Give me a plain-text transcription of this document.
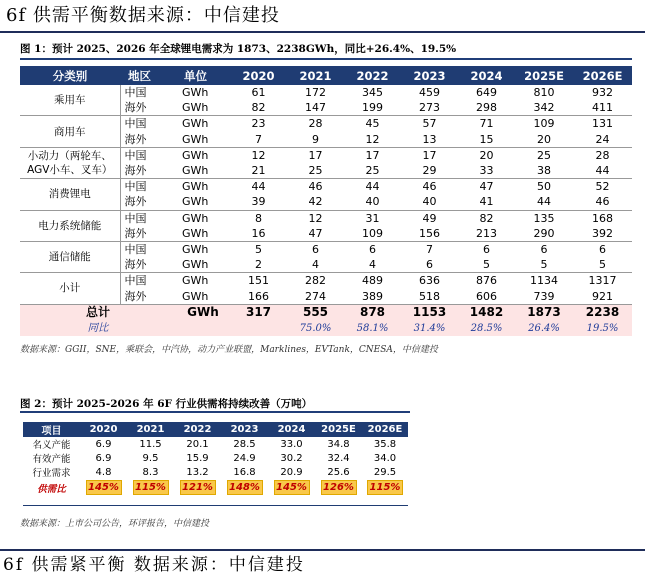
6f 供需平衡数据来源：中信建投
图 1：预计 2025、2026 年全球锂电需求为 1873、2238GWh，同比+26.4%、19.5%
分类别	地区	单位	2020	2021	2022	2023	2024	2025E	2026E
乘用车	中国	GWh	61	172	345	459	649	810	932
	海外	GWh	82	147	199	273	298	342	411
商用车	中国	GWh	23	28	45	57	71	109	131
	海外	GWh	7	9	12	13	15	20	24
小动力（两轮车、AGV小车、叉车）	中国	GWh	12	17	17	17	20	25	28
	海外	GWh	21	25	25	29	33	38	44
消费锂电	中国	GWh	44	46	44	46	47	50	52
	海外	GWh	39	42	40	40	41	44	46
电力系统储能	中国	GWh	8	12	31	49	82	135	168
	海外	GWh	16	47	109	156	213	290	392
通信储能	中国	GWh	5	6	6	7	6	6	6
	海外	GWh	2	4	4	6	5	5	5
小计	中国	GWh	151	282	489	636	876	1134	1317
	海外	GWh	166	274	389	518	606	739	921
总计		GWh	317	555	878	1153	1482	1873	2238
同比				75.0%	58.1%	31.4%	28.5%	26.4%	19.5%
数据来源：GGII，SNE，乘联会，中汽协，动力产业联盟，Marklines，EVTank，CNESA，中信建投
图 2：预计 2025-2026 年 6F 行业供需将持续改善（万吨）
项目	2020	2021	2022	2023	2024	2025E	2026E
名义产能	6.9	11.5	20.1	28.5	33.0	34.8	35.8
有效产能	6.9	9.5	15.9	24.9	30.2	32.4	34.0
行业需求	4.8	8.3	13.2	16.8	20.9	25.6	29.5
供需比	145%	115%	121%	148%	145%	126%	115%
数据来源：上市公司公告，环评报告，中信建投
6f 供需紧平衡 数据来源：中信建投
